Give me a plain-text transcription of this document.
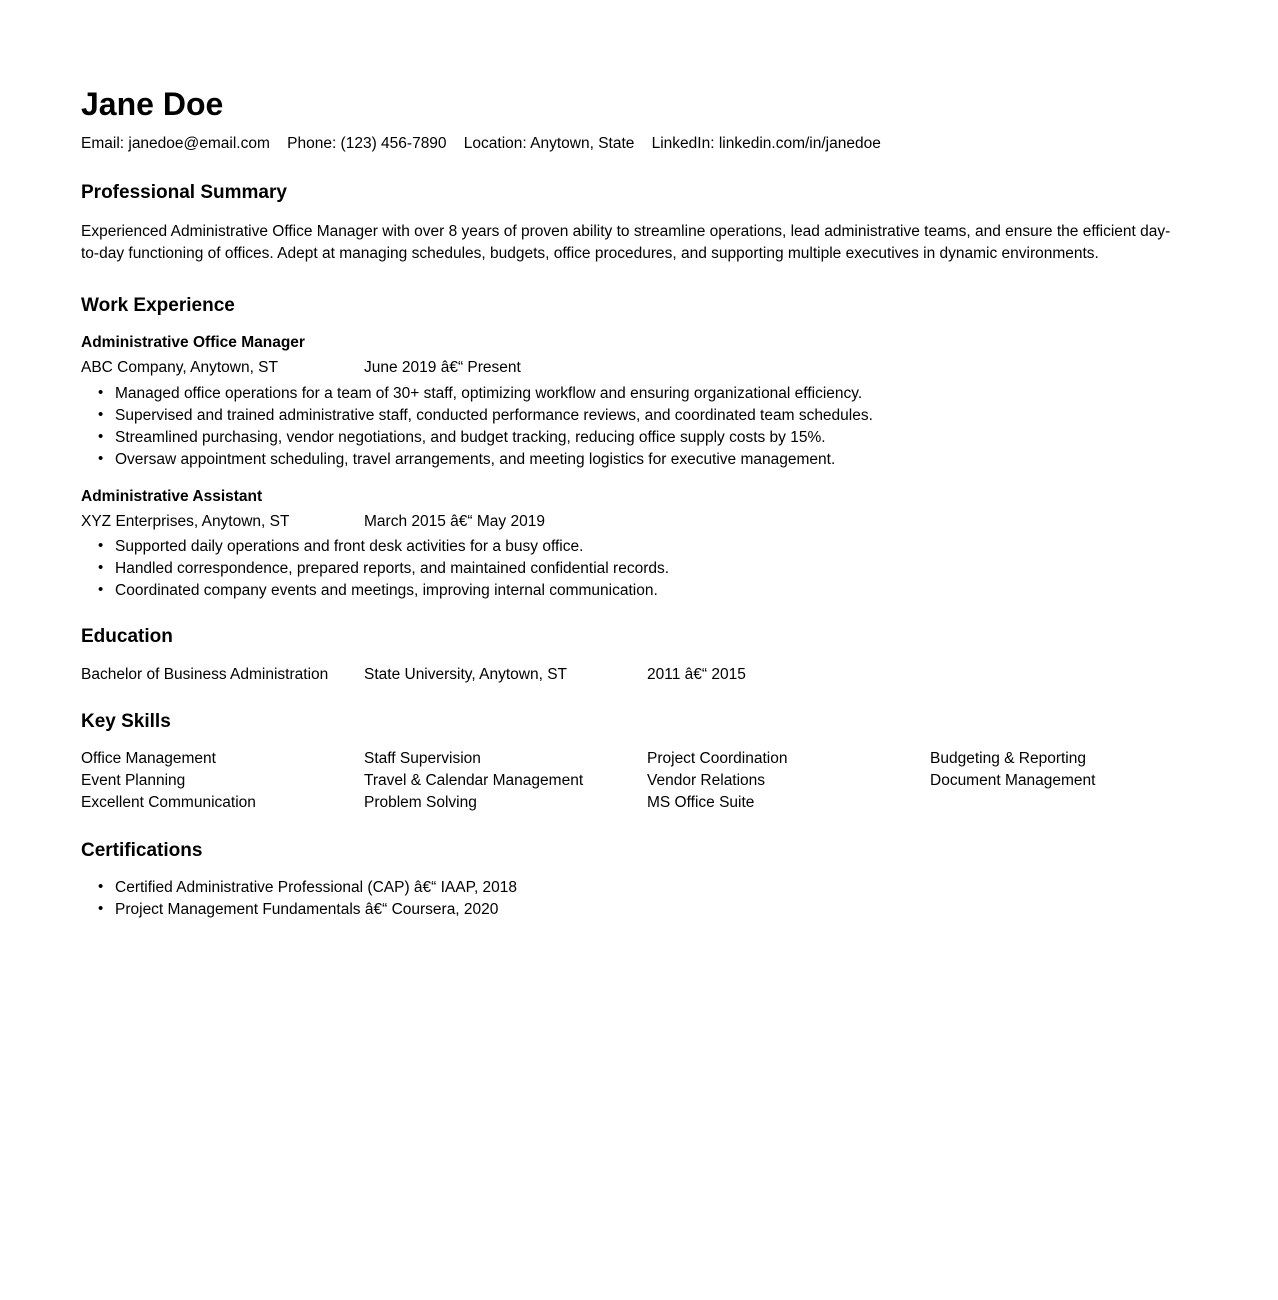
Jane Doe
Email: janedoe@email.com    Phone: (123) 456-7890    Location: Anytown, State    LinkedIn: linkedin.com/in/janedoe
Professional Summary

Experienced Administrative Office Manager with over 8 years of proven ability to streamline operations, lead administrative teams, and ensure the efficient day-to-day functioning of offices. Adept at managing schedules, budgets, office procedures, and supporting multiple executives in dynamic environments.

Work Experience
Administrative Office Manager
ABC Company, Anytown, ST	June 2019 â€“ Present
• Managed office operations for a team of 30+ staff, optimizing workflow and ensuring organizational efficiency.
• Supervised and trained administrative staff, conducted performance reviews, and coordinated team schedules.
• Streamlined purchasing, vendor negotiations, and budget tracking, reducing office supply costs by 15%.
• Oversaw appointment scheduling, travel arrangements, and meeting logistics for executive management.
Administrative Assistant
XYZ Enterprises, Anytown, ST	March 2015 â€“ May 2019
• Supported daily operations and front desk activities for a busy office.
• Handled correspondence, prepared reports, and maintained confidential records.
• Coordinated company events and meetings, improving internal communication.
Education
Bachelor of Business Administration	State University, Anytown, ST	2011 â€“ 2015
Key Skills
Office Management	Staff Supervision	Project Coordination	Budgeting & Reporting
Event Planning	Travel & Calendar Management	Vendor Relations	Document Management
Excellent Communication	Problem Solving	MS Office Suite
Certifications
• Certified Administrative Professional (CAP) â€“ IAAP, 2018
• Project Management Fundamentals â€“ Coursera, 2020
